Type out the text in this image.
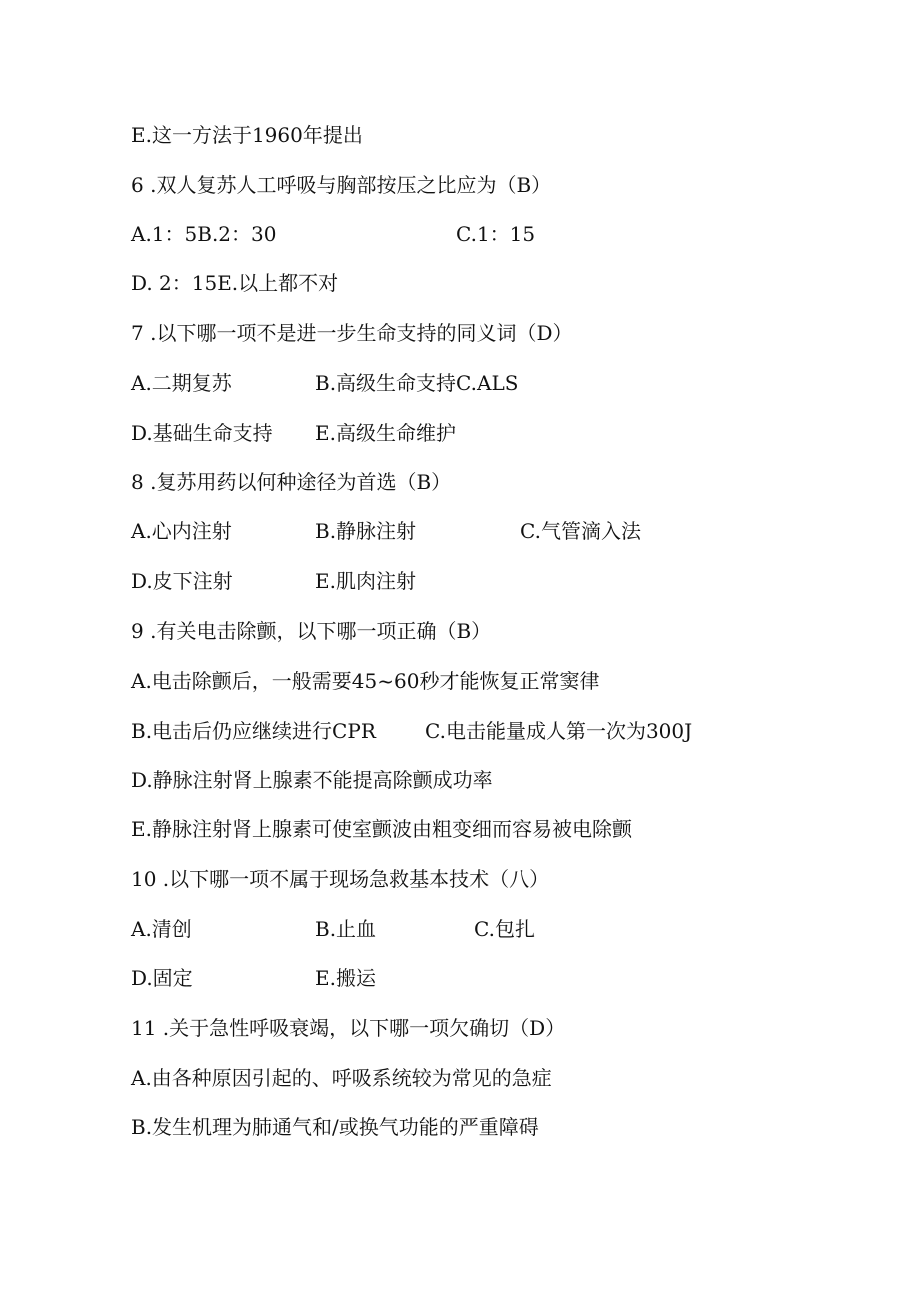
E.这一方法于1960年提出
6 .双人复苏人工呼吸与胸部按压之比应为（B）
A.1：5B.2：30	C.1：15
D. 2：15E.以上都不对
7 .以下哪一项不是进一步生命支持的同义词（D）
A.二期复苏	B.高级生命支持C.ALS
D.基础生命支持 E.高级生命维护
8 .复苏用药以何种途径为首选（B）
A.心内注射	B.静脉注射	C.气管滴入法
D.皮下注射	E.肌肉注射
9 .有关电击除颤，以下哪一项正确（B）
A.电击除颤后，一般需要45~60秒才能恢复正常窦律
B.电击后仍应继续进行CPR C.电击能量成人第一次为300J
D.静脉注射肾上腺素不能提高除颤成功率
E.静脉注射肾上腺素可使室颤波由粗变细而容易被电除颤
10 .以下哪一项不属于现场急救基本技术（八）
A.清创	B.止血	C.包扎
D.固定	E.搬运
11 .关于急性呼吸衰竭，以下哪一项欠确切（D）
A.由各种原因引起的、呼吸系统较为常见的急症
B.发生机理为肺通气和/或换气功能的严重障碍
